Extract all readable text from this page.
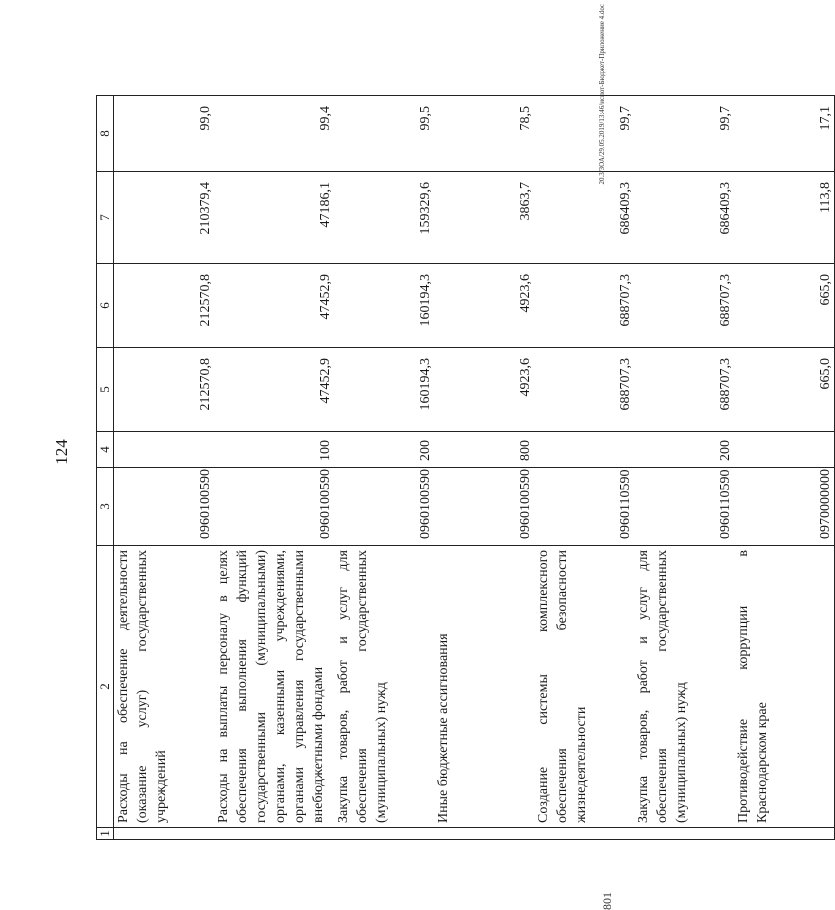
124
1	2	3	4	5	6	7	8
	Расходы на обеспечение деятельности (оказание услуг) государственных учреждений	0960100590		212570,8	212570,8	210379,4	99,0
	Расходы на выплаты персоналу в целях обеспечения выполнения функций государственными (муниципальными) органами, казенными учреждениями, органами управления государственными внебюджетными фондами	0960100590	100	47452,9	47452,9	47186,1	99,4
	Закупка товаров, работ и услуг для обеспечения государственных (муниципальных) нужд	0960100590	200	160194,3	160194,3	159329,6	99,5
	Иные бюджетные ассигнования	0960100590	800	4923,6	4923,6	3863,7	78,5
	Создание системы комплексного обеспечения безопасности жизнедеятельности	0960110590		688707,3	688707,3	686409,3	99,7
	Закупка товаров, работ и услуг для обеспечения государственных (муниципальных) нужд	0960110590	200	688707,3	688707,3	686409,3	99,7
	Противодействие коррупции в Краснодарском крае	0970000000		665,0	665,0	113,8	17,1
20.3/ЗОА/29.05.2019/13:46/испот-Бюджет-Приложение 4.doc
801
